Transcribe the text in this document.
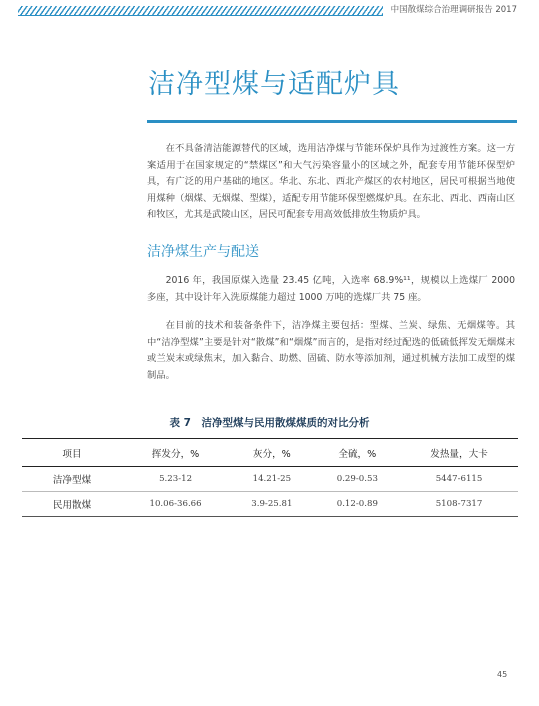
中国散煤综合治理调研报告 2017
洁净型煤与适配炉具

在不具备清洁能源替代的区域，选用洁净煤与节能环保炉具作为过渡性方案。这一方案适用于在国家规定的“禁煤区”和大气污染容量小的区域之外，配套专用节能环保型炉具，有广泛的用户基础的地区。华北、东北、西北产煤区的农村地区，居民可根据当地使用煤种（烟煤、无烟煤、型煤），适配专用节能环保型燃煤炉具。在东北、西北、西南山区和牧区，尤其是武陵山区，居民可配套专用高效低排放生物质炉具。

洁净煤生产与配送

2016 年，我国原煤入选量 23.45 亿吨，入选率 68.9%¹¹，规模以上选煤厂 2000 多座，其中设计年入洗原煤能力超过 1000 万吨的选煤厂共 75 座。

在目前的技术和装备条件下，洁净煤主要包括：型煤、兰炭、绿焦、无烟煤等。其中“洁净型煤”主要是针对“散煤”和“烟煤”而言的，是指对经过配选的低硫低挥发无烟煤末或兰炭末或绿焦末，加入黏合、助燃、固硫、防水等添加剂，通过机械方法加工成型的煤制品。

表 7　洁净型煤与民用散煤煤质的对比分析
项目	挥发分，%	灰分，%	全硫，%	发热量，大卡
洁净型煤	5.23-12	14.21-25	0.29-0.53	5447-6115
民用散煤	10.06-36.66	3.9-25.81	0.12-0.89	5108-7317
45
